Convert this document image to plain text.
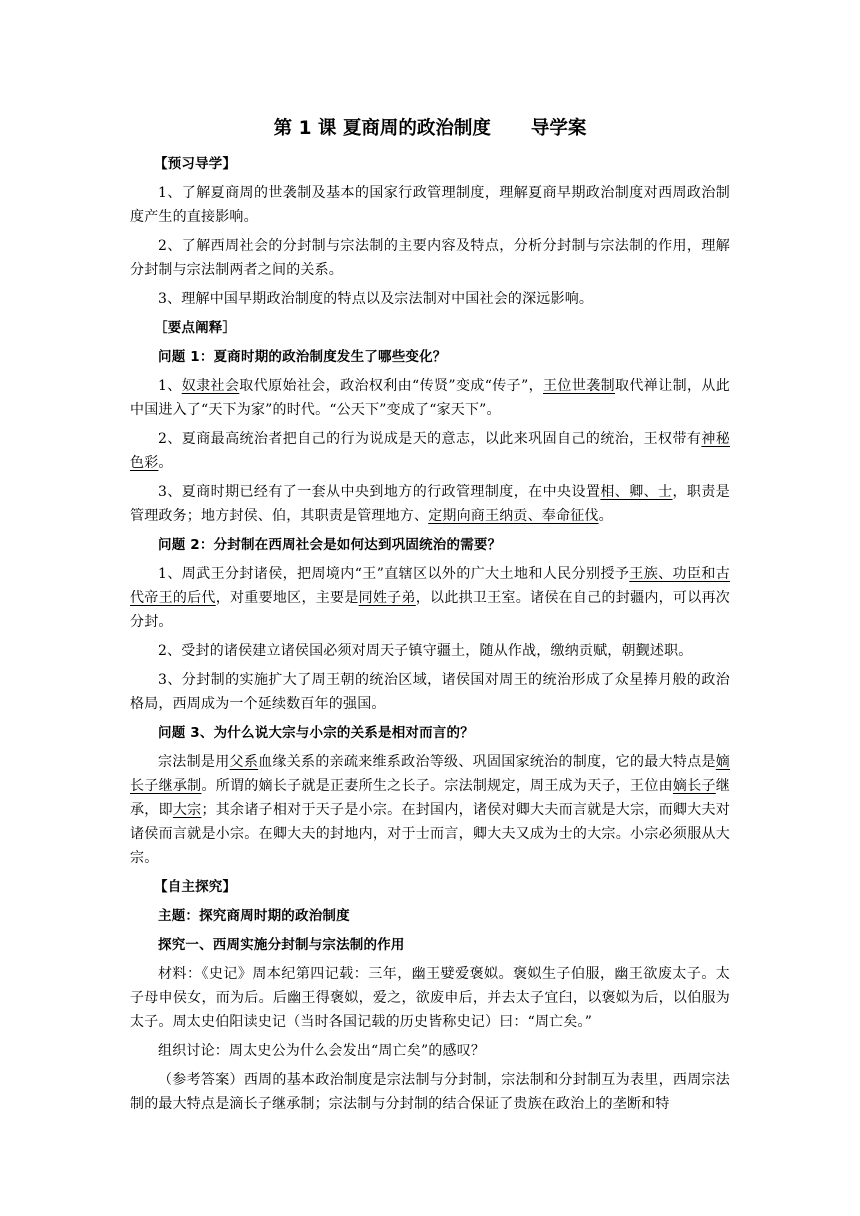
第 1 课 夏商周的政治制度 导学案

【预习导学】

1、了解夏商周的世袭制及基本的国家行政管理制度，理解夏商早期政治制度对西周政治制度产生的直接影响。

2、了解西周社会的分封制与宗法制的主要内容及特点，分析分封制与宗法制的作用，理解分封制与宗法制两者之间的关系。

3、理解中国早期政治制度的特点以及宗法制对中国社会的深远影响。

［要点阐释］

问题 1：夏商时期的政治制度发生了哪些变化？

1、奴隶社会取代原始社会，政治权利由“传贤”变成“传子”，王位世袭制取代禅让制，从此中国进入了“天下为家”的时代。“公天下”变成了“家天下”。

2、夏商最高统治者把自己的行为说成是天的意志，以此来巩固自己的统治，王权带有神秘色彩。

3、夏商时期已经有了一套从中央到地方的行政管理制度，在中央设置相、卿、士，职责是管理政务；地方封侯、伯，其职责是管理地方、定期向商王纳贡、奉命征伐。

问题 2：分封制在西周社会是如何达到巩固统治的需要？

1、周武王分封诸侯，把周境内“王”直辖区以外的广大土地和人民分别授予王族、功臣和古代帝王的后代，对重要地区，主要是同姓子弟，以此拱卫王室。诸侯在自己的封疆内，可以再次分封。

2、受封的诸侯建立诸侯国必须对周天子镇守疆土，随从作战，缴纳贡赋，朝觐述职。

3、分封制的实施扩大了周王朝的统治区域，诸侯国对周王的统治形成了众星捧月般的政治格局，西周成为一个延续数百年的强国。

问题 3、为什么说大宗与小宗的关系是相对而言的？

宗法制是用父系血缘关系的亲疏来维系政治等级、巩固国家统治的制度，它的最大特点是嫡长子继承制。所谓的嫡长子就是正妻所生之长子。宗法制规定，周王成为天子，王位由嫡长子继承，即大宗；其余诸子相对于天子是小宗。在封国内，诸侯对卿大夫而言就是大宗，而卿大夫对诸侯而言就是小宗。在卿大夫的封地内，对于士而言，卿大夫又成为士的大宗。小宗必须服从大宗。

【自主探究】

主题：探究商周时期的政治制度

探究一、西周实施分封制与宗法制的作用

材料：《史记》周本纪第四记载：三年，幽王嬖爱褒姒。褒姒生子伯服，幽王欲废太子。太子母申侯女，而为后。后幽王得褒姒，爱之，欲废申后，并去太子宜臼，以褒姒为后，以伯服为太子。周太史伯阳读史记（当时各国记载的历史皆称史记）曰：“周亡矣。”

组织讨论：周太史公为什么会发出“周亡矣”的感叹？

（参考答案）西周的基本政治制度是宗法制与分封制，宗法制和分封制互为表里，西周宗法制的最大特点是滴长子继承制；宗法制与分封制的结合保证了贵族在政治上的垄断和特
